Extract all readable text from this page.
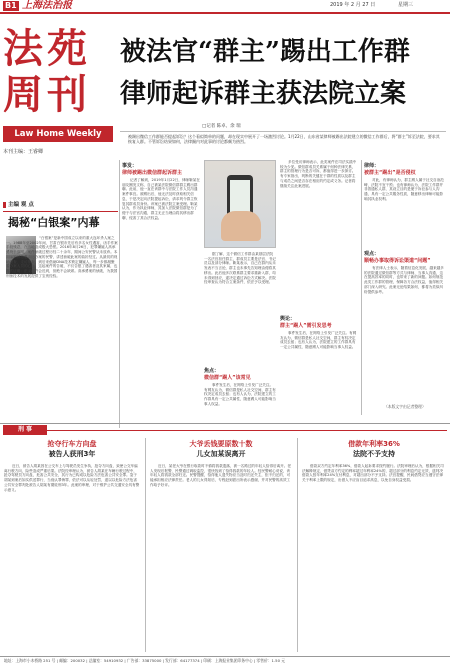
B1 上海法治报	2019 年 2 月 27 日	星期三
法苑
周刊
Law Home Weekly
本刊主编：王睿卿
被法官“群主”踢出工作群
律师起诉群主获法院立案
□记者 陈卓、余 瑞
被踢出微信工作群能否提起诉讼？这个看似简单的问题，却在现实中展开了一场激烈讨论。1月22日，山东省某律师被踢出法院建立的微信工作群后，将“群主”诉至法院，要求其恢复入群。不管诉讼结果如何，法律圈内对此事的讨论都颇为热烈。
主编 观 点
揭秘“白银案”内幕
“白银案”是新中国成立以来的重大连环杀人案之一。1988年至2002年间，甘肃白银市先后有多名女性遇害，凶手作案手段残忍，在当地造成极大恐慌。2016年8月26日，犯罪嫌疑人高承勇终于落网，案件侦破过程历经二十余年，期间公安民警从未放弃。本期编辑部特邀亲历办案的民警，讲述侦破此案的曲折经过。从最初的现场勘查、走访排查，到后来借助DNA技术锁定嫌疑人，每一步都凝聚着办案人员的心血。这起案件的告破，不仅告慰了遇害者及其家属，也再次证明：正义或许会迟到，但绝不会缺席。高承勇案的侦破，为我国刑侦技术的发展提供了宝贵经验。
事发：
律师被踢出微信群起诉群主
记者了解到，2019年1月22日，律师靳某在朋友圈发文称，自己被某法院微信群群主踢出群聊。此前，他一直在该群中与法院工作人员沟通案件事宜。被踢出后，他无法及时获取相关信息，于是决定向法院提起诉讼，请求判令群主恢复其群成员身份。该案已被法院立案受理。靳某认为，作为执业律师，其加入法院微信群是为了便于与法官沟通，群主无正当理由将其移出群聊，侵害了其合法权益。
据了解，这个微信工作群由某基层法院一名法官担任群主，群成员主要是法官、书记员以及部分律师。靳某表示，自己在群内从未发表不当言论，群主也未事先告知理由便将其移出。此后他多次联系群主要求重新入群，均未得到回应，遂决定通过诉讼方式解决。法院经审查认为符合立案条件，依法予以受理。
焦点：
微信群“踢人”该常见
事件发生后，在网络上引发广泛关注。有网友认为，微信群是私人社交空间，群主有权决定成员去留；也有人认为，法院建立的工作群具有一定公共属性，随意踢人可能影响当事人权益。
多位受访律师表示，此类案件在司法实践中较为少见。微信群成员关系属于何种法律关系，群主的管理行为是否可诉，都值得进一步探讨。有专家指出，判断的关键在于群的性质以及群主与成员之间是否存在相应的约定或义务。记者将继续关注此案进展。
舆论：
群主“踢人”需引发思考
事件发生后，在网络上引发广泛关注。有网友认为，微信群是私人社交空间，群主有权决定成员去留；也有人认为，法院建立的工作群具有一定公共属性，随意踢人可能影响当事人权益。
律师：
被群主“踢出”是否侵权
对此，有律师认为，群主踢人属于社交自治范畴，法院不宜干预；也有律师认为，法院工作群并非普通私人群，其设立目的是便于诉讼参与人沟通，具有一定公共服务性质，随意移出律师可能影响其执业权利。
观点：
顺畅办事取得诉讼渠道“问题”
有法律人士表示，随着信息化发展，越来越多的法院通过微信群等方式与律师、当事人沟通，这在提高效率的同时，也带来了新的问题。如何规范此类工作群的管理，保障各方合法权益，值得相关部门深入研究。此案无论结果如何，都将为类似纠纷提供参考。
（本版文字由记者整理）
刑 事
抢夺行车方向盘
被告人获刑3年
近日，被告人胡某因在公交车上与驾驶员发生争执，抢夺方向盘，致使公交车偏离行驶方向，险些造成严重后果。法院经审理认为，被告人胡某在车辆行驶过程中，抢夺驾驶员方向盘，危害公共安全，其行为已构成以危险方法危害公共安全罪。鉴于胡某到案后如实供述罪行，当庭认罪悔罪，依法可以从轻处罚，遂以以危险方法危害公共安全罪判处被告人胡某有期徒刑3年。此案的审理，对于维护公共交通安全具有警示意义。
大爷丢钱要原数十数
儿女加某误离开
近日，某老大爷在银行取款时不慎将钱款遗落，被一名路过的年轻人拾得后离开。老人发现后报警，民警通过调取监控，很快找到了拾得钱款的年轻人。经民警耐心劝说，该年轻人将钱款全部归还。民警提醒，拾得他人遗失物应当及时归还失主，拒不归还的，可能承担相应法律责任。老人的儿女得知后，专程赶到派出所表示感谢，并对民警的高效工作给予好评。
借款年利率36%
法院不予支持
借款双方约定年利率36%，借款人起诉要求按约履行。法院审理后认为，根据相关司法解释规定，借贷双方约定的利率超过年利率24%的，超过部分的利息约定无效，遂判决借款人按年利率24%支付利息，对超出部分不予支持。法官提醒，民间借贷应当遵守法律关于利率上限的规定，出借人不应盲目追求高息，以免自身权益受损。
地址：上海市小木桥路 251 号 | 邮编：200032 | 总编室：54910932 | 广告部：33875000 | 发行部：64177374 | 印刷：上海报业集团印务中心 | 零售价：1.50 元
